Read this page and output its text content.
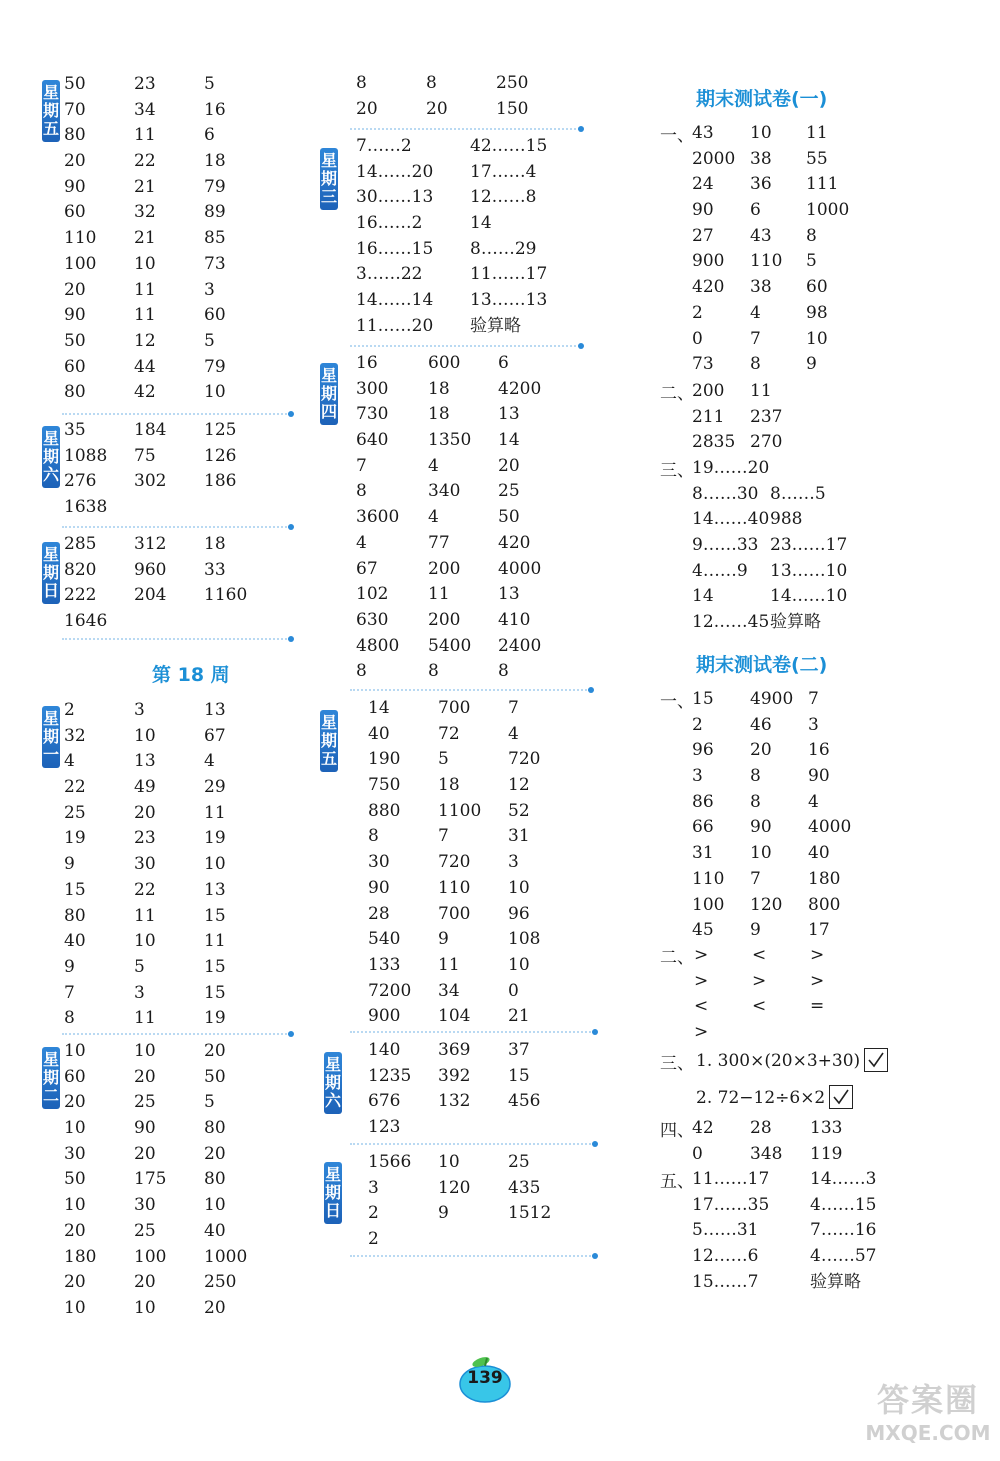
星期五
50	23	5
70	34	16
80	11	6
20	22	18
90	21	79
60	32	89
110 21	85
100 10	73
20	11	3
90	11	60
50	12	5
60	44	79
80	42	10
星期六
35	184 125
1088 75	126
276 302 186
1638
星期日
285 312 18
820 960 33
222 204 1160
1646
第 18 周
星期一
2	3	13
32	10	67
4	13	4
22	49	29
25	20	11
19	23	19
9	30	10
15	22	13
80	11	15
40	10	11
9	5	15
7	3	15
8	11	19
星期二
10	10	20
60	20	50
20	25	5
10	90	80
30	20	20
50	175 80
10	30	10
20	25	40
180 100 1000
20	20	250
10	10	20
8	8	250
20	20	150
星期三
7……2	42……15
14……20 17……4
30……13 12……8
16……2	14
16……15 8……29
3……22	11……17
14……14 13……13
11……20 验算略
星期四
16	600 6
300 18	4200
730 18	13
640 1350 14
7	4	20
8	340 25
3600 4	50
4	77	420
67	200 4000
102 11	13
630 200 410
4800 5400 2400
8	8	8
星期五
14	700 7
40	72	4
190 5	720
750 18	12
880 1100 52
8	7	31
30	720 3
90	110 10
28	700 96
540 9	108
133 11	10
7200 34	0
900 104 21
星期六
140 369 37
1235 392 15
676 132 456
123
星期日
1566 10	25
3	120 435
2	9	1512
2
期末测试卷(一)
一、
43 10 11
2000 38 55
24 36 111
90 6	1000
27 43 8
900 110 5
420 38 60
2	4	98
0	7	10
73 8	9
二、
200 11
211 237
2835 270
三、
19……20
8……30 8……5
14……40 988
9……33 23……17
4……9 13……10
14	14……10
12……45 验算略
期末测试卷(二)
一、
15 4900 7
2	46 3
96 20 16
3	8	90
86 8	4
66 90 4000
31 10 40
110 7	180
100 120 800
45 9	17
二、 >	<	>
>	>	>
<	<	=
>
三、 1. 300×(20×3+30)
2. 72−12÷6×2
四、
42 28 133
0	348 119
五、
11……17 14……3
17……35 4……15
5……31	7……16
12……6	4……57
15……7	验算略
139
答案圈
MXQE.COM
